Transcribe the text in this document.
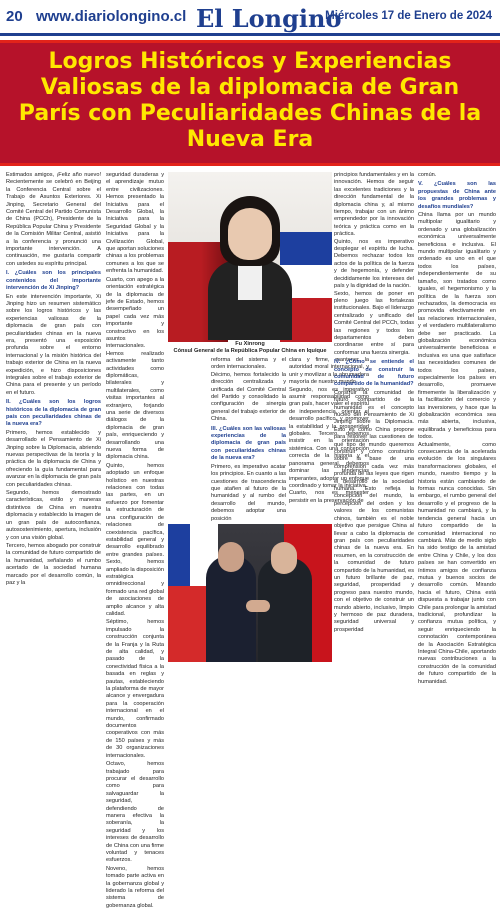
20 www.diariolongino.cl El Longino
Miércoles 17 de Enero de 2024
Logros Históricos y Experiencias Valiosas de la diplomacia de Gran París con Peculiaridades Chinas de la Nueva Era

Estimados amigos, ¡Feliz año nuevo! Recientemente se celebró en Beijing la Conferencia Central sobre el Trabajo de Asuntos Exteriores. Xi Jinping, Secretario General del Comité Central del Partido Comunista de China (PCCh), Presidente de la República Popular China y Presidente de la Comisión Militar Central, asistió a la conferencia y pronunció una importante intervención. A continuación, me gustaría compartir con ustedes su espíritu principal.

I. ¿Cuáles son los principales contenidos del importante intervención de Xi Jinping?

En este intervención importante, Xi Jinping hizo un resumen sistemático sobre los logros históricos y las experiencias valiosas de la diplomacia de gran país con peculiaridades chinas en la nueva era, presentó una exposición profunda sobre el entorno internacional y la misión histórica del trabajo exterior de China en la nueva expedición, e hizo disposiciones integrales sobre el trabajo exterior de China para el presente y un período en el futuro.

II. ¿Cuáles son los logros históricos de la diplomacia de gran país con peculiaridades chinas de la nueva era?

Primero, hemos establecido y desarrollado el Pensamiento de Xi Jinping sobre la Diplomacia, abriendo nuevas perspectivas de la teoría y la práctica de la diplomacia de China y ofreciendo la guía fundamental para avanzar en la diplomacia de gran país con peculiaridades chinas.

Segundo, hemos demostrado características, estilo y maneras distintivos de China en nuestra diplomacia y establecido la imagen de un gran país de autoconfianza, autosostenimiento, apertura, inclusión y con una visión global.

Tercero, hemos abogado por construir la comunidad de futuro compartido de la humanidad, señalando el rumbo acertado de la sociedad humana marcado por el desarrollo común, la paz y la

seguridad duraderas y el aprendizaje mutuo entre civilizaciones. Hemos presentado la Iniciativa para el Desarrollo Global, la Iniciativa para la Seguridad Global y la Iniciativa para la Civilización Global, que aportan soluciones chinas a los problemas comunes a los que se enfrenta la humanidad.

Cuarto, con apego a la orientación estratégica de la diplomacia de jefe de Estado, hemos desempeñado un papel cada vez más importante y constructivo en los asuntos internacionales. Hemos realizado activamente tanto actividades como diplomáticas, bilaterales y multilaterales, como visitas importantes al extranjero, forjando una serie de diversos diálogos de la diplomacia de gran país, enriqueciendo y desarrollando una nueva forma de diplomacia china.

Quinto, hemos adoptado un enfoque holístico en nuestras relaciones con todas las partes, en un esfuerzo por fomentar la estructuración de una configuración de relaciones de coexistencia pacífica, estabilidad general y desarrollo equilibrado entre grandes países. Sexto, hemos ampliado la disposición estratégica omnidireccional y formado una red global de asociaciones de amplio alcance y alta calidad.

Séptimo, hemos impulsado la construcción conjunta de la Franja y la Ruta de alta calidad, y pasado de la conectividad física a la basada en reglas y pautas, estableciendo la plataforma de mayor alcance y envergadura para la cooperación internacional en el mundo, confirmado documentos cooperativos con más de 150 países y más de 30 organizaciones internacionales.

Octavo, hemos trabajado para procurar el desarrollo como para salvaguardar la seguridad, defendiendo de manera efectiva la soberanía, la seguridad y los intereses de desarrollo de China con una firme voluntad y tenaces esfuerzos.

Noveno, hemos tomado parte activa en la gobernanza global y liderado la reforma del sistema de gobernanza global.

Fu Xinrong
Cónsul General de la República Popular China en Iquique

reforma del sistema y el orden internacionales.

Décimo, hemos fortalecido la dirección centralizada y unificada del Comité Central del Partido y consolidado la configuración de sinergia general del trabajo exterior de China.

III. ¿Cuáles son las valiosas experiencias de la diplomacia de gran país con peculiaridades chinas de la nueva era?

Primero, es imperativo acatar los principios. En cuanto a las cuestiones de trascendencia que atañen al futuro de la humanidad y al rumbo del desarrollo del mundo, debemos adoptar una posición

clara y firme, mantener la autoridad moral internacional, y unir y movilizar a la abrumadora mayoría de nuestro mundo.

Segundo, nos es imperativo asumir responsabilidad como gran país, hacer valer el espíritu de independencia, orientar el desarrollo pacífico, y promover la estabilidad y la prosperidad globales. Tercero, debemos insistir en la orientación sistémica. Con una concepción correcta de la historia y el panorama general, debemos dominar las tendencias imperantes, adoptar un enfoque coordinado y tomar la iniciativa.

Cuarto, nos es menester persistir en la preservación de

principios fundamentales y en la innovación. Hemos de seguir las excelentes tradiciones y la dirección fundamental de la diplomacia china y, al mismo tiempo, trabajar con un ánimo emprendedor por la innovación teórica y práctica como en la práctica.

Quinto, nos es imperativo desplegar el espíritu de lucha. Debemos rechazar todos los actos de la política de la fuerza y de hegemonía, y defender decididamente los intereses del país y la dignidad de la nación.

Sexto, hemos de poner en pleno juego las fortalezas institucionales. Bajo el liderazgo centralizado y unificado del Comité Central del PCCh, todas las regiones y todos los departamentos deben coordinarse entre sí para conformar una fuerza sinergia.

IV. ¿Cómo se entiende el concepto de construir la comunidad de futuro compartido de la humanidad?

Construir la comunidad de futuro compartido de la humanidad es el concepto núcleo del Pensamiento de Xi Jinping sobre la Diplomacia. Esto es como China propone para resolver las cuestiones de qué tipo de mundo queremos construir y cómo construirlo sobre la base de una comprensión cada vez más profunda de las leyes que rigen el desarrollo de la sociedad humana. Esto refleja la concepción del mundo, la percepción del orden y los valores de los comunistas chinos, también es el noble objetivo que persigue China al llevar a cabo la diplomacia de gran país con peculiaridades chinas de la nueva era. En resumen, en la construcción de la comunidad de futuro compartido de la humanidad, es un futuro brillante de paz, seguridad, prosperidad y progreso para nuestro mundo, con el objetivo de construir un mundo abierto, inclusivo, limpio y hermoso de paz duradera, seguridad universal y prosperidad

común.

V. ¿Cuáles son las propuestas de China ante los grandes problemas y desafíos mundiales?

China llama por un mundo multipolar igualitario y ordenado y una globalización económica universalmente beneficiosa e inclusiva. El mundo multipolar igualitario y ordenado es uno en el que todos los países, independientemente de su tamaño, son tratados como iguales, el hegemonismo y la política de la fuerza son rechazados, la democracia es promovida efectivamente en las relaciones internacionales, y el verdadero multilateralismo debe ser practicado. La globalización económica universalmente beneficiosa e inclusiva es una que satisface las necesidades comunes de todos los países, especialmente los países en desarrollo, promueve firmemente la liberalización y la facilitación del comercio y las inversiones, y hace que la globalización económica sea más abierta, inclusiva, equilibrada y beneficiosa para todos.

Actualmente, como consecuencia de la acelerada evolución de los singulares transformaciones globales, el mundo, nuestro tiempo y la historia están cambiando de formas nunca conocidas. Sin embargo, el rumbo general del desarrollo y el progreso de la humanidad no cambiará, y la tendencia general hacia un futuro compartido de la comunidad internacional no cambiará. Más de medio siglo ha sido testigo de la amistad entre China y Chile, y los dos países se han convertido en íntimos amigos de confianza mutua y buenos socios de desarrollo común. Mirando hacia el futuro, China está dispuesta a trabajar junto con Chile para prolongar la amistad tradicional, profundizar la confianza mutua política, y seguir enriqueciendo la connotación contemporánea de la Asociación Estratégica Integral China-Chile, aportando nuevas contribuciones a la construcción de la comunidad de futuro compartido de la humanidad.
